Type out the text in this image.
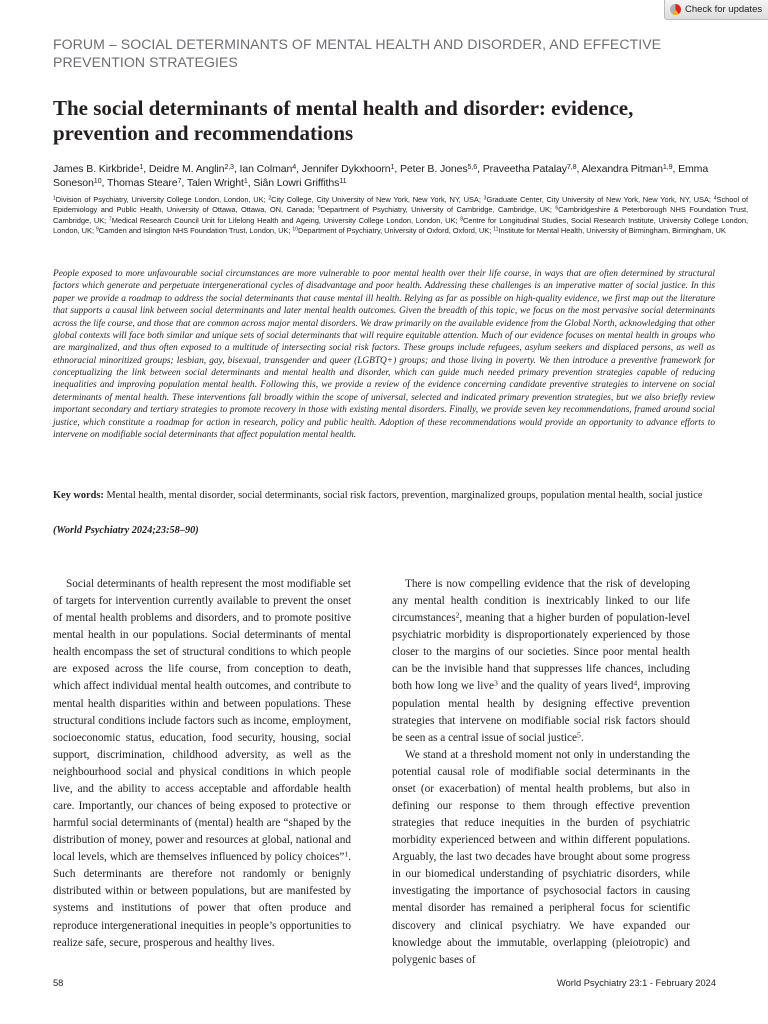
Check for updates
FORUM – SOCIAL DETERMINANTS OF MENTAL HEALTH AND DISORDER, AND EFFECTIVE PREVENTION STRATEGIES
The social determinants of mental health and disorder: evidence, prevention and recommendations
James B. Kirkbride$^1$, Deidre M. Anglin$^{2,3}$, Ian Colman$^4$, Jennifer Dykxhoorn$^1$, Peter B. Jones$^{5,6}$, Praveetha Patalay$^{7,8}$, Alexandra Pitman$^{1,9}$, Emma Soneson$^{10}$, Thomas Steare$^7$, Talen Wright$^1$, Siân Lowri Griffiths$^{11}$
$^1$Division of Psychiatry, University College London, London, UK; $^2$City College, City University of New York, New York, NY, USA; $^3$Graduate Center, City University of New York, New York, NY, USA; $^4$School of Epidemiology and Public Health, University of Ottawa, Ottawa, ON, Canada; $^5$Department of Psychiatry, University of Cambridge, Cambridge, UK; $^6$Cambridgeshire & Peterborough NHS Foundation Trust, Cambridge, UK; $^7$Medical Research Council Unit for Lifelong Health and Ageing, University College London, London, UK; $^8$Centre for Longitudinal Studies, Social Research Institute, University College London, London, UK; $^9$Camden and Islington NHS Foundation Trust, London, UK; $^{10}$Department of Psychiatry, University of Oxford, Oxford, UK; $^{11}$Institute for Mental Health, University of Birmingham, Birmingham, UK
People exposed to more unfavourable social circumstances are more vulnerable to poor mental health over their life course, in ways that are often determined by structural factors which generate and perpetuate intergenerational cycles of disadvantage and poor health. Addressing these challenges is an imperative matter of social justice. In this paper we provide a roadmap to address the social determinants that cause mental ill health. Relying as far as possible on high-quality evidence, we first map out the literature that supports a causal link between social determinants and later mental health outcomes. Given the breadth of this topic, we focus on the most pervasive social determinants across the life course, and those that are common across major mental disorders. We draw primarily on the available evidence from the Global North, acknowledging that other global contexts will face both similar and unique sets of social determinants that will require equitable attention. Much of our evidence focuses on mental health in groups who are marginalized, and thus often exposed to a multitude of intersecting social risk factors. These groups include refugees, asylum seekers and displaced persons, as well as ethnoracial minoritized groups; lesbian, gay, bisexual, transgender and queer (LGBTQ+) groups; and those living in poverty. We then introduce a preventive framework for conceptualizing the link between social determinants and mental health and disorder, which can guide much needed primary prevention strategies capable of reducing inequalities and improving population mental health. Following this, we provide a review of the evidence concerning candidate preventive strategies to intervene on social determinants of mental health. These interventions fall broadly within the scope of universal, selected and indicated primary prevention strategies, but we also briefly review important secondary and tertiary strategies to promote recovery in those with existing mental disorders. Finally, we provide seven key recommendations, framed around social justice, which constitute a roadmap for action in research, policy and public health. Adoption of these recommendations would provide an opportunity to advance efforts to intervene on modifiable social determinants that affect population mental health.
Key words: Mental health, mental disorder, social determinants, social risk factors, prevention, marginalized groups, population mental health, social justice
(World Psychiatry 2024;23:58–90)

Social determinants of health represent the most modifiable set of targets for intervention currently available to prevent the onset of mental health problems and disorders, and to promote positive mental health in our populations. Social determinants of mental health encompass the set of structural conditions to which people are exposed across the life course, from conception to death, which affect individual mental health outcomes, and contribute to mental health disparities within and between populations. These structural conditions include factors such as income, employment, socioeconomic status, education, food security, housing, social support, discrimination, childhood adversity, as well as the neighbourhood social and physical conditions in which people live, and the ability to access acceptable and affordable health care. Importantly, our chances of being exposed to protective or harmful social determinants of (mental) health are “shaped by the distribution of money, power and resources at global, national and local levels, which are themselves influenced by policy choices”$^1$. Such determinants are therefore not randomly or benignly distributed within or between populations, but are manifested by systems and institutions of power that often produce and reproduce intergenerational inequities in people’s opportunities to realize safe, secure, prosperous and healthy lives.

There is now compelling evidence that the risk of developing any mental health condition is inextricably linked to our life circumstances$^2$, meaning that a higher burden of population-level psychiatric morbidity is disproportionately experienced by those closer to the margins of our societies. Since poor mental health can be the invisible hand that suppresses life chances, including both how long we live$^3$ and the quality of years lived$^4$, improving population mental health by designing effective prevention strategies that intervene on modifiable social risk factors should be seen as a central issue of social justice$^5$.

We stand at a threshold moment not only in understanding the potential causal role of modifiable social determinants in the onset (or exacerbation) of mental health problems, but also in defining our response to them through effective prevention strategies that reduce inequities in the burden of psychiatric morbidity experienced between and within different populations. Arguably, the last two decades have brought about some progress in our biomedical understanding of psychiatric disorders, while investigating the importance of psychosocial factors in causing mental disorder has remained a peripheral focus for scientific discovery and clinical psychiatry. We have expanded our knowledge about the immutable, overlapping (pleiotropic) and polygenic bases of

58	World Psychiatry 23:1 - February 2024
